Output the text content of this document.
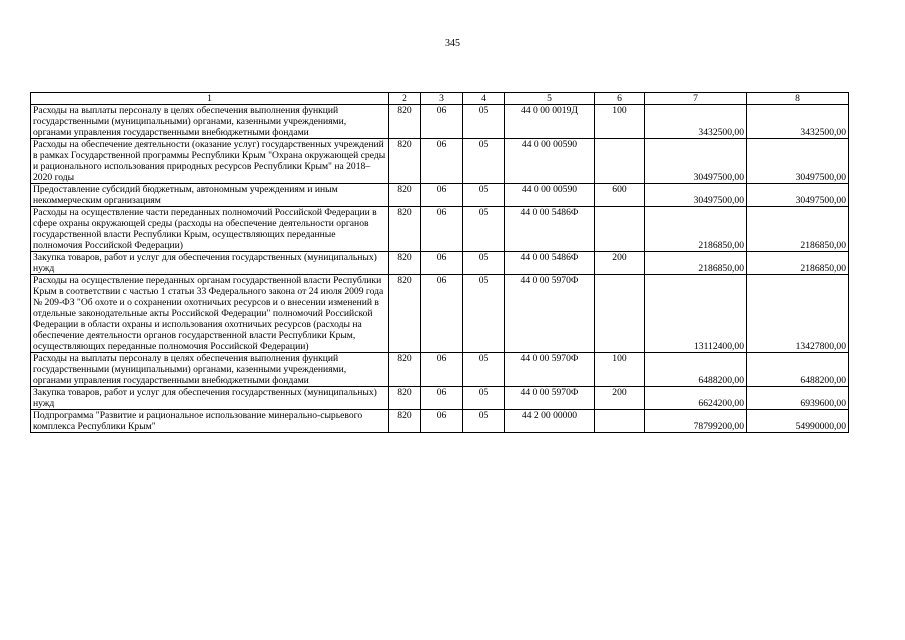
345
1	2	3	4	5	6	7	8
Расходы на выплаты персоналу в целях обеспечения выполнения функций государственными (муниципальными) органами, казенными учреждениями, органами управления государственными внебюджетными фондами	820	06	05	44 0 00 0019Д	100	3432500,00	3432500,00
Расходы на обеспечение деятельности (оказание услуг) государственных учреждений в рамках Государственной программы Республики Крым "Охрана окружающей среды и рационального использования природных ресурсов Республики Крым" на 2018–2020 годы	820	06	05	44 0 00 00590		30497500,00	30497500,00
Предоставление субсидий бюджетным, автономным учреждениям и иным некоммерческим организациям	820	06	05	44 0 00 00590	600	30497500,00	30497500,00
Расходы на осуществление части переданных полномочий Российской Федерации в сфере охраны окружающей среды (расходы на обеспечение деятельности органов государственной власти Республики Крым, осуществляющих переданные полномочия Российской Федерации)	820	06	05	44 0 00 5486Ф		2186850,00	2186850,00
Закупка товаров, работ и услуг для обеспечения государственных (муниципальных) нужд	820	06	05	44 0 00 5486Ф	200	2186850,00	2186850,00
Расходы на осуществление переданных органам государственной власти Республики Крым в соответствии с частью 1 статьи 33 Федерального закона от 24 июля 2009 года № 209-ФЗ "Об охоте и о сохранении охотничьих ресурсов и о внесении изменений в отдельные законодательные акты Российской Федерации" полномочий Российской Федерации в области охраны и использования охотничьих ресурсов (расходы на обеспечение деятельности органов государственной власти Республики Крым, осуществляющих переданные полномочия Российской Федерации)	820	06	05	44 0 00 5970Ф		13112400,00	13427800,00
Расходы на выплаты персоналу в целях обеспечения выполнения функций государственными (муниципальными) органами, казенными учреждениями, органами управления государственными внебюджетными фондами	820	06	05	44 0 00 5970Ф	100	6488200,00	6488200,00
Закупка товаров, работ и услуг для обеспечения государственных (муниципальных) нужд	820	06	05	44 0 00 5970Ф	200	6624200,00	6939600,00
Подпрограмма "Развитие и рациональное использование минерально-сырьевого комплекса Республики Крым"	820	06	05	44 2 00 00000		78799200,00	54990000,00
